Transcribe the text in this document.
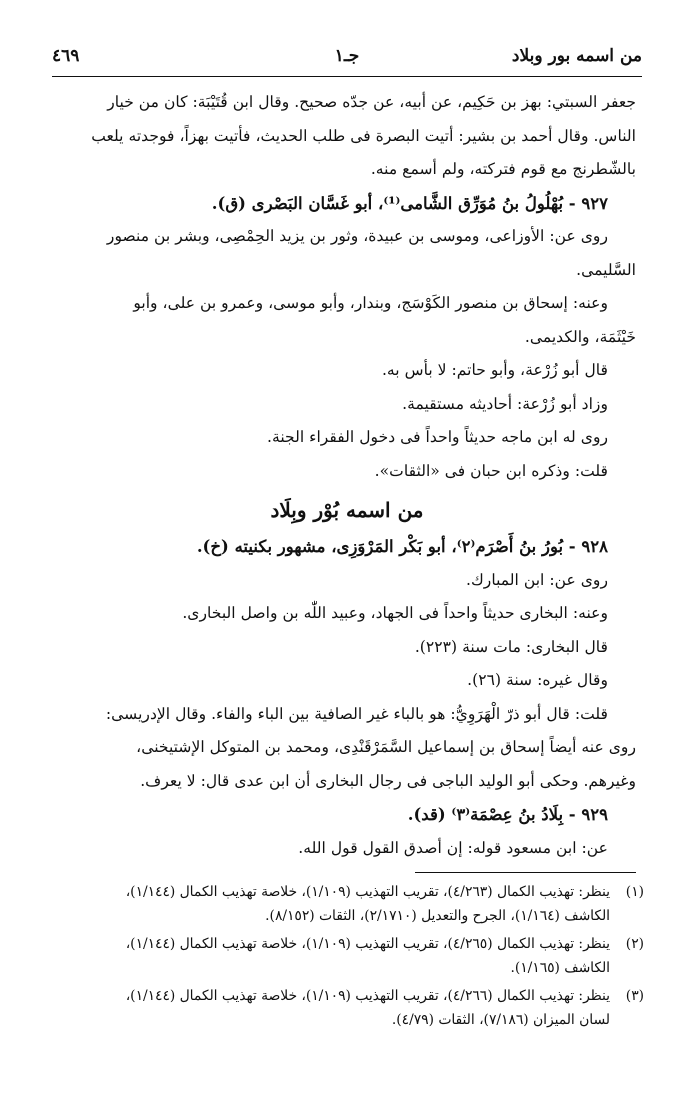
من اسمه بور وبلاد
جـ١
٤٦٩

جعفر السبتي: بهز بن حَكِيم، عن أبيه، عن جدّه صحيح. وقال ابن قُتَيْبَة: كان من خيار

الناس. وقال أحمد بن بشير: أتيت البصرة فى طلب الحديث، فأتيت بهزاً، فوجدته يلعب

بالشّطرنج مع قوم فتركته، ولم أسمع منه.

٩٢٧ - بُهْلُولُ بنُ مُوَرِّق الشَّامى⁽¹⁾، أبو غَسَّان البَصْرى (ق).

روى عن: الأوزاعى، وموسى بن عبيدة، وثور بن يزيد الحِمْصِى، وبشر بن منصور

السَّليمى.

وعنه: إسحاق بن منصور الكَوْسَج، وبندار، وأبو موسى، وعمرو بن على، وأبو

خَيْثَمَة، والكديمى.

قال أبو زُرْعة، وأبو حاتم: لا بأس به.

وزاد أبو زُرْعة: أحاديثه مستقيمة.

روى له ابن ماجه حديثاً واحداً فى دخول الفقراء الجنة.

قلت: وذكره ابن حبان فى «الثقات».

من اسمه بُوْر وبِلَاد

٩٢٨ - بُورُ بنُ أَصْرَم⁽٢⁾، أبو بَكْر المَرْوَزِى، مشهور بكنيته (خ).

روى عن: ابن المبارك.

وعنه: البخارى حديثاً واحداً فى الجهاد، وعبيد اللّٰه بن واصل البخارى.

قال البخارى: مات سنة (٢٢٣).

وقال غيره: سنة (٢٦).

قلت: قال أبو ذرّ الْهَرَوِيُّ: هو بالباء غير الصافية بين الباء والفاء. وقال الإدريسى:

روى عنه أيضاً إسحاق بن إسماعيل السَّمَرْقَنْدِى، ومحمد بن المتوكل الإشتيخنى،

وغيرهم. وحكى أبو الوليد الباجى فى رجال البخارى أن ابن عدى قال: لا يعرف.

٩٢٩ - بِلَادُ بنُ عِصْمَة⁽٣⁾ (قد).

عن: ابن مسعود قوله: إن أصدق القول قول الله.

(١)
ينظر: تهذيب الكمال (٤/٢٦٣)، تقريب التهذيب (١/١٠٩)، خلاصة تهذيب الكمال (١/١٤٤)،
الكاشف (١/١٦٤)، الجرح والتعديل (٢/١٧١٠)، الثقات (٨/١٥٢).
(٢)
ينظر: تهذيب الكمال (٤/٢٦٥)، تقريب التهذيب (١/١٠٩)، خلاصة تهذيب الكمال (١/١٤٤)،
الكاشف (١/١٦٥).
(٣)
ينظر: تهذيب الكمال (٤/٢٦٦)، تقريب التهذيب (١/١٠٩)، خلاصة تهذيب الكمال (١/١٤٤)،
لسان الميزان (٧/١٨٦)، الثقات (٤/٧٩).
